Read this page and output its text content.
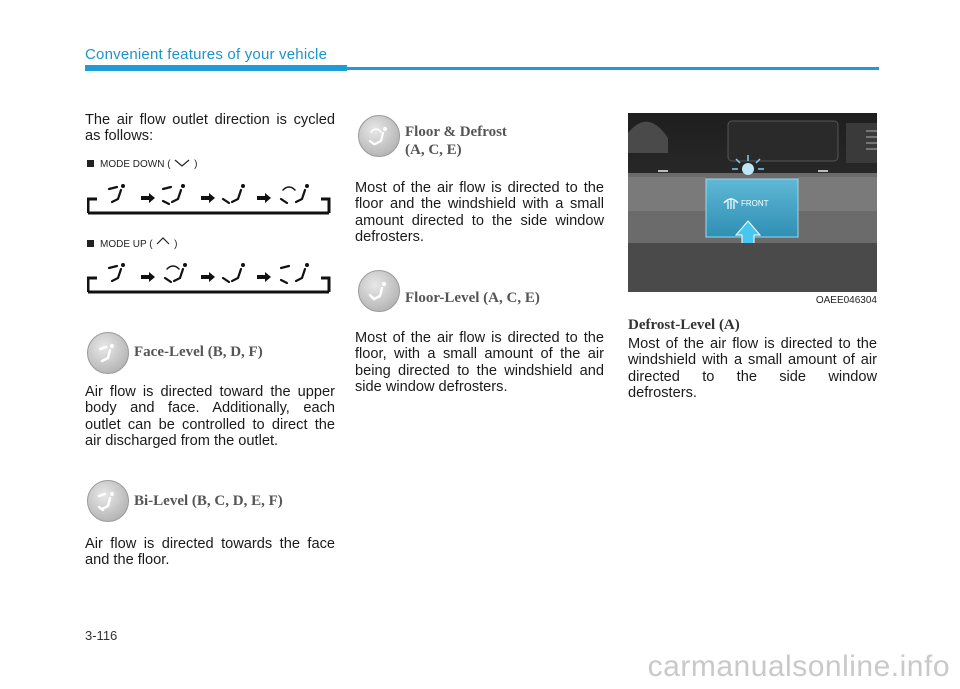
Convenient features of your vehicle
The air flow outlet direction is cycled as follows:
MODE DOWN ( )
MODE UP ( )
Face-Level (B, D, F)
Air flow is directed toward the upper body and face. Additionally, each outlet can be controlled to direct the air discharged from the outlet.
Bi-Level (B, C, D, E, F)
Air flow is directed towards the face and the floor.
Floor & Defrost
(A, C, E)
Most of the air flow is directed to the floor and the windshield with a small amount directed to the side window defrosters.
Floor-Level (A, C, E)
Most of the air flow is directed to the floor, with a small amount of the air being directed to the windshield and side window defrosters.
FRONT
OAEE046304
Defrost-Level (A)
Most of the air flow is directed to the windshield with a small amount of air directed to the side window defrosters.
3-116
carmanualsonline.info
